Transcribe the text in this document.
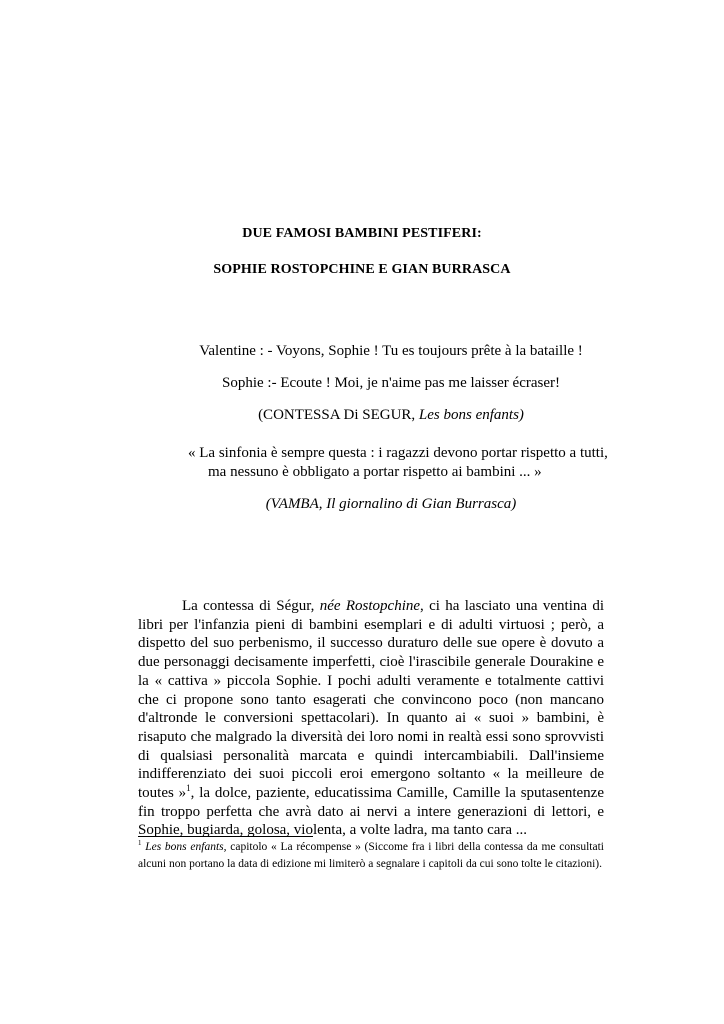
DUE FAMOSI BAMBINI PESTIFERI:
SOPHIE ROSTOPCHINE E GIAN BURRASCA
Valentine : - Voyons, Sophie ! Tu es toujours prête à la bataille !
Sophie :- Ecoute ! Moi, je n'aime pas me laisser écraser!
(CONTESSA Di SEGUR, Les bons enfants)
« La sinfonia è sempre questa : i ragazzi devono portar rispetto a tutti,
ma nessuno è obbligato a portar rispetto ai bambini ... »
(VAMBA, Il giornalino di Gian Burrasca)
La contessa di Ségur, née Rostopchine, ci ha lasciato una ventina di libri per l'infanzia pieni di bambini esemplari e di adulti virtuosi ; però, a dispetto del suo perbenismo, il successo duraturo delle sue opere è dovuto a due personaggi decisamente imperfetti, cioè l'irascibile generale Dourakine e la « cattiva » piccola Sophie. I pochi adulti veramente e totalmente cattivi che ci propone sono tanto esagerati che convincono poco (non mancano d'altronde le conversioni spettacolari). In quanto ai « suoi » bambini, è risaputo che malgrado la diversità dei loro nomi in realtà essi sono sprovvisti di qualsiasi personalità marcata e quindi intercambiabili. Dall'insieme indifferenziato dei suoi piccoli eroi emergono soltanto « la meilleure de toutes »$^1$, la dolce, paziente, educatissima Camille, Camille la sputasentenze fin troppo perfetta che avrà dato ai nervi a intere generazioni di lettori, e Sophie, bugiarda, golosa, violenta, a volte ladra, ma tanto cara ...
$^1$ Les bons enfants, capitolo « La récompense » (Siccome fra i libri della contessa da me consultati alcuni non portano la data di edizione mi limiterò a segnalare i capitoli da cui sono tolte le citazioni).
